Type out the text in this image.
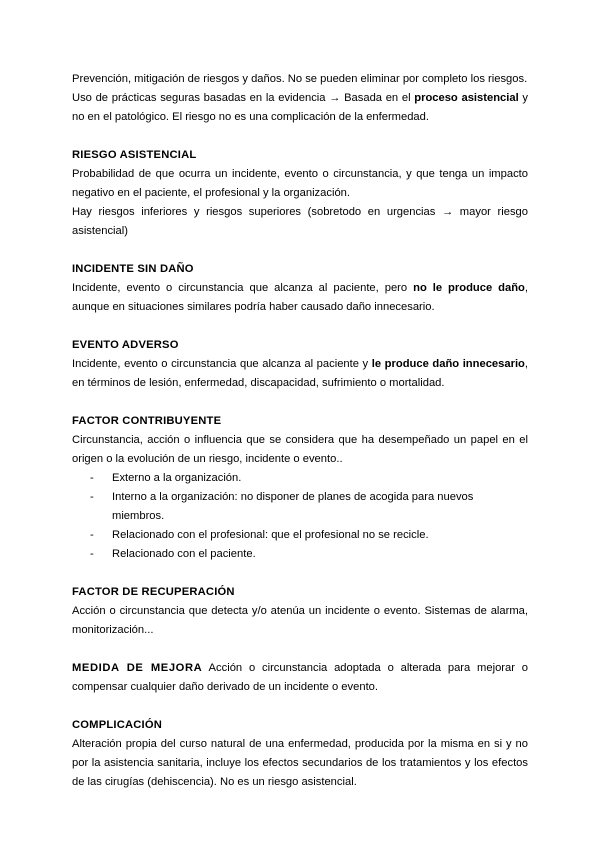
Prevención, mitigación de riesgos y daños. No se pueden eliminar por completo los riesgos.

Uso de prácticas seguras basadas en la evidencia → Basada en el proceso asistencial y no en el patológico. El riesgo no es una complicación de la enfermedad.

RIESGO ASISTENCIAL

Probabilidad de que ocurra un incidente, evento o circunstancia, y que tenga un impacto negativo en el paciente, el profesional y la organización.

Hay riesgos inferiores y riesgos superiores (sobretodo en urgencias → mayor riesgo asistencial)

INCIDENTE SIN DAÑO

Incidente, evento o circunstancia que alcanza al paciente, pero no le produce daño, aunque en situaciones similares podría haber causado daño innecesario.

EVENTO ADVERSO

Incidente, evento o circunstancia que alcanza al paciente y le produce daño innecesario, en términos de lesión, enfermedad, discapacidad, sufrimiento o mortalidad.

FACTOR CONTRIBUYENTE

Circunstancia, acción o influencia que se considera que ha desempeñado un papel en el origen o la evolución de un riesgo, incidente o evento..

- Externo a la organización.
- Interno a la organización: no disponer de planes de acogida para nuevos miembros.
- Relacionado con el profesional: que el profesional no se recicle.
- Relacionado con el paciente.

FACTOR DE RECUPERACIÓN

Acción o circunstancia que detecta y/o atenúa un incidente o evento. Sistemas de alarma, monitorización...

MEDIDA DE MEJORA Acción o circunstancia adoptada o alterada para mejorar o compensar cualquier daño derivado de un incidente o evento.

COMPLICACIÓN

Alteración propia del curso natural de una enfermedad, producida por la misma en si y no por la asistencia sanitaria, incluye los efectos secundarios de los tratamientos y los efectos de las cirugías (dehiscencia). No es un riesgo asistencial.
